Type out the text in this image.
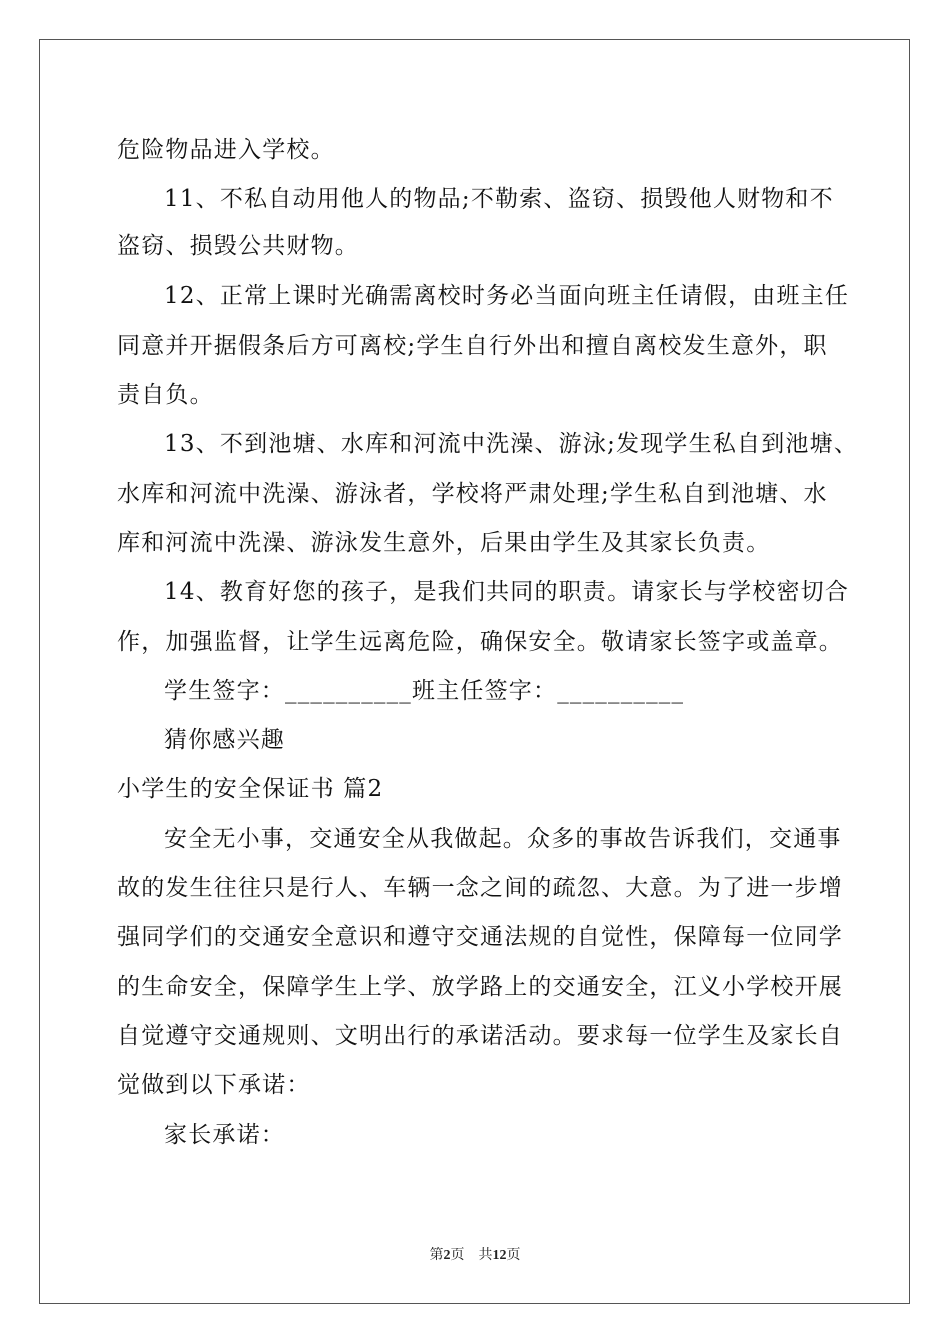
危险物品进入学校。
11、不私自动用他人的物品;不勒索、盗窃、损毁他人财物和不
盗窃、损毁公共财物。
12、正常上课时光确需离校时务必当面向班主任请假，由班主任
同意并开据假条后方可离校;学生自行外出和擅自离校发生意外，职
责自负。
13、不到池塘、水库和河流中洗澡、游泳;发现学生私自到池塘、
水库和河流中洗澡、游泳者，学校将严肃处理;学生私自到池塘、水
库和河流中洗澡、游泳发生意外，后果由学生及其家长负责。
14、教育好您的孩子，是我们共同的职责。请家长与学校密切合
作，加强监督，让学生远离危险，确保安全。敬请家长签字或盖章。
学生签字：__________班主任签字：__________
猜你感兴趣
小学生的安全保证书 篇2
安全无小事，交通安全从我做起。众多的事故告诉我们，交通事
故的发生往往只是行人、车辆一念之间的疏忽、大意。为了进一步增
强同学们的交通安全意识和遵守交通法规的自觉性，保障每一位同学
的生命安全，保障学生上学、放学路上的交通安全，江义小学校开展
自觉遵守交通规则、文明出行的承诺活动。要求每一位学生及家长自
觉做到以下承诺：
家长承诺：
第2页 共12页
